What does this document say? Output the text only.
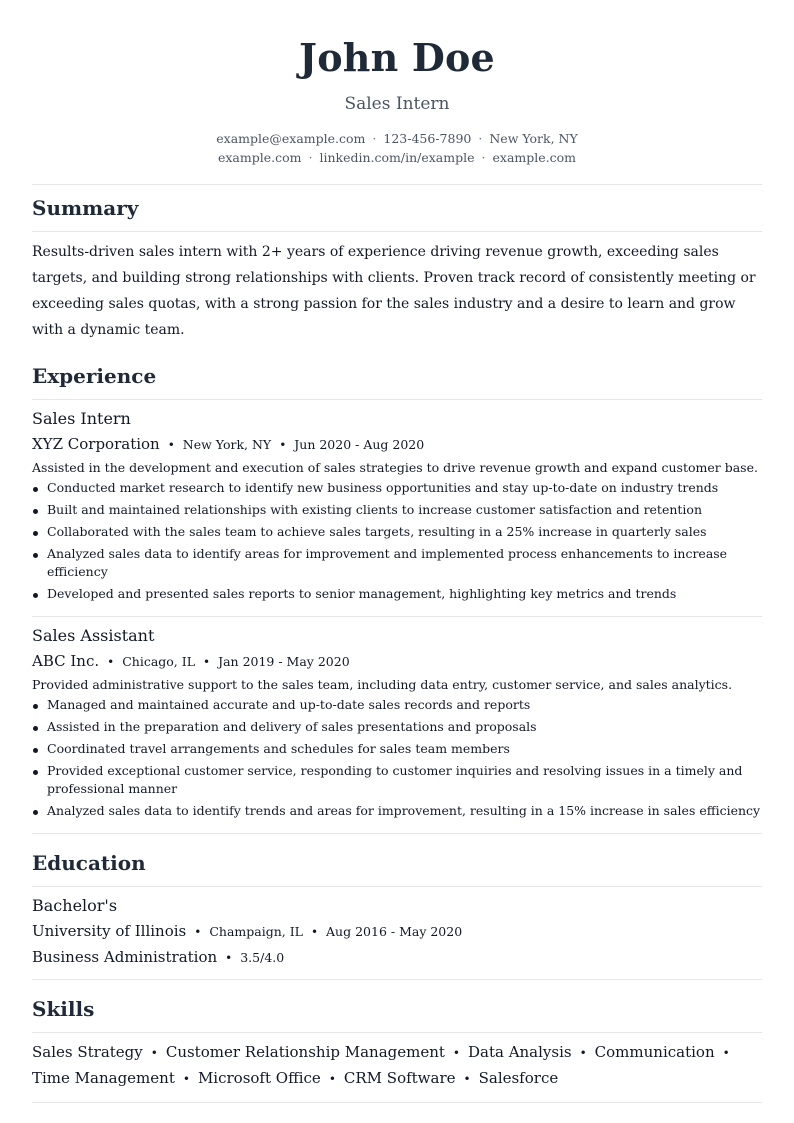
John Doe
Sales Intern
example@example.com · 123-456-7890 · New York, NY
example.com · linkedin.com/in/example · example.com
Summary

Results-driven sales intern with 2+ years of experience driving revenue growth, exceeding sales targets, and building strong relationships with clients. Proven track record of consistently meeting or exceeding sales quotas, with a strong passion for the sales industry and a desire to learn and grow with a dynamic team.

Experience
Sales Intern
XYZ Corporation • New York, NY • Jun 2020 - Aug 2020
Assisted in the development and execution of sales strategies to drive revenue growth and expand customer base.
Conducted market research to identify new business opportunities and stay up-to-date on industry trends
Built and maintained relationships with existing clients to increase customer satisfaction and retention
Collaborated with the sales team to achieve sales targets, resulting in a 25% increase in quarterly sales
Analyzed sales data to identify areas for improvement and implemented process enhancements to increase efficiency
Developed and presented sales reports to senior management, highlighting key metrics and trends
Sales Assistant
ABC Inc. • Chicago, IL • Jan 2019 - May 2020
Provided administrative support to the sales team, including data entry, customer service, and sales analytics.
Managed and maintained accurate and up-to-date sales records and reports
Assisted in the preparation and delivery of sales presentations and proposals
Coordinated travel arrangements and schedules for sales team members
Provided exceptional customer service, responding to customer inquiries and resolving issues in a timely and professional manner
Analyzed sales data to identify trends and areas for improvement, resulting in a 15% increase in sales efficiency
Education
Bachelor's
University of Illinois • Champaign, IL • Aug 2016 - May 2020
Business Administration • 3.5/4.0
Skills
Sales Strategy • Customer Relationship Management • Data Analysis • Communication •
Time Management • Microsoft Office • CRM Software • Salesforce
